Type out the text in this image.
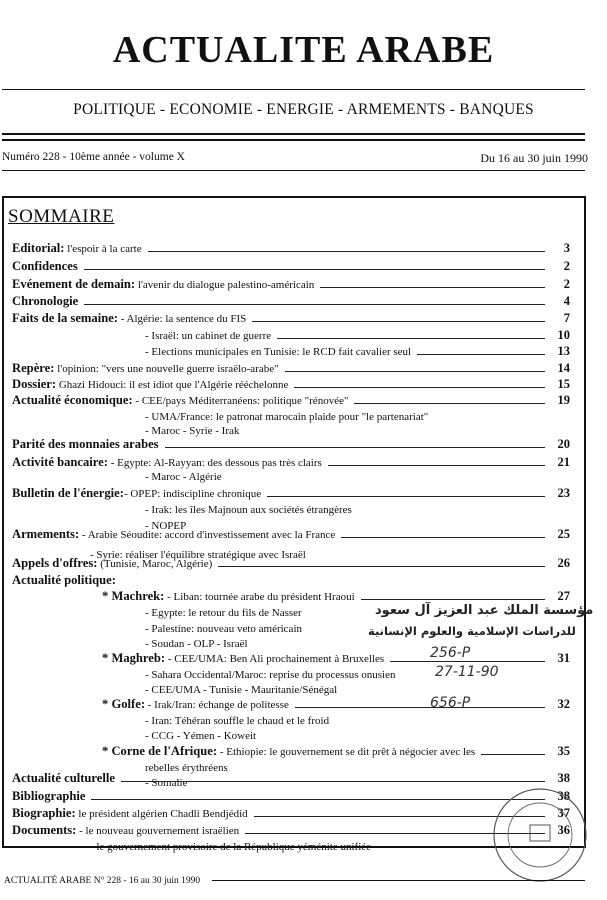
ACTUALITE ARABE
POLITIQUE - ECONOMIE - ENERGIE - ARMEMENTS - BANQUES
Numéro 228 - 10ème année - volume X	Du 16 au 30 juin 1990
SOMMAIRE
Editorial: l'espoir à la carte	3
Confidences	2
Evénement de demain: l'avenir du dialogue palestino-américain	2
Chronologie	4
Faits de la semaine: - Algérie: la sentence du FIS	7
- Israël: un cabinet de guerre	10
- Elections municipales en Tunisie: le RCD fait cavalier seul	13
Repère: l'opinion: "vers une nouvelle guerre israëlo-arabe"	14
Dossier: Ghazi Hidouci: il est idiot que l'Algérie rééchelonne	15
Actualité économique: - CEE/pays Méditerranéens: politique "rénovée"	19
- UMA/France: le patronat marocain plaide pour "le partenariat"
- Maroc - Syrie - Irak
Parité des monnaies arabes	20
Activité bancaire: - Egypte: Al-Rayyan: des dessous pas très clairs	21
- Maroc - Algérie
Bulletin de l'énergie:- OPEP: indiscipline chronique	23
- Irak: les îles Majnoun aux sociétés étrangères
- NOPEP
Armements: - Arabie Séoudite: accord d'investissement avec la France	25
- Syrie: réaliser l'équilibre stratégique avec Israël
Appels d'offres: (Tunisie, Maroc, Algérie)	26
Actualité politique:
* Machrek: - Liban: tournée arabe du président Hraoui	27
- Egypte: le retour du fils de Nasser
- Palestine: nouveau veto américain
- Soudan - OLP - Israël
* Maghreb: - CEE/UMA: Ben Ali prochainement à Bruxelles	31
- Sahara Occidental/Maroc: reprise du processus onusien
- CEE/UMA - Tunisie - Mauritanie/Sénégal
* Golfe: - Irak/Iran: échange de politesse	32
- Iran: Téhéran souffle le chaud et le froid
- CCG - Yémen - Koweit
* Corne de l'Afrique: - Ethiopie: le gouvernement se dit prêt à négocier avec les	35
rebelles érythréens
- Somalie
Actualité culturelle	38
Bibliographie	38
Biographie: le président algérien Chadli Bendjédid	37
Documents: - le nouveau gouvernement israëlien	36
- le gouvernement provisoire de la République yéménite unifiée
مؤسسة الملك عبد العزيز آل سعود
للدراسات الإسلامية والعلوم الإنسانية
256-P
27-11-90
656-P
ACTUALITÉ ARABE N° 228 - 16 au 30 juin 1990
